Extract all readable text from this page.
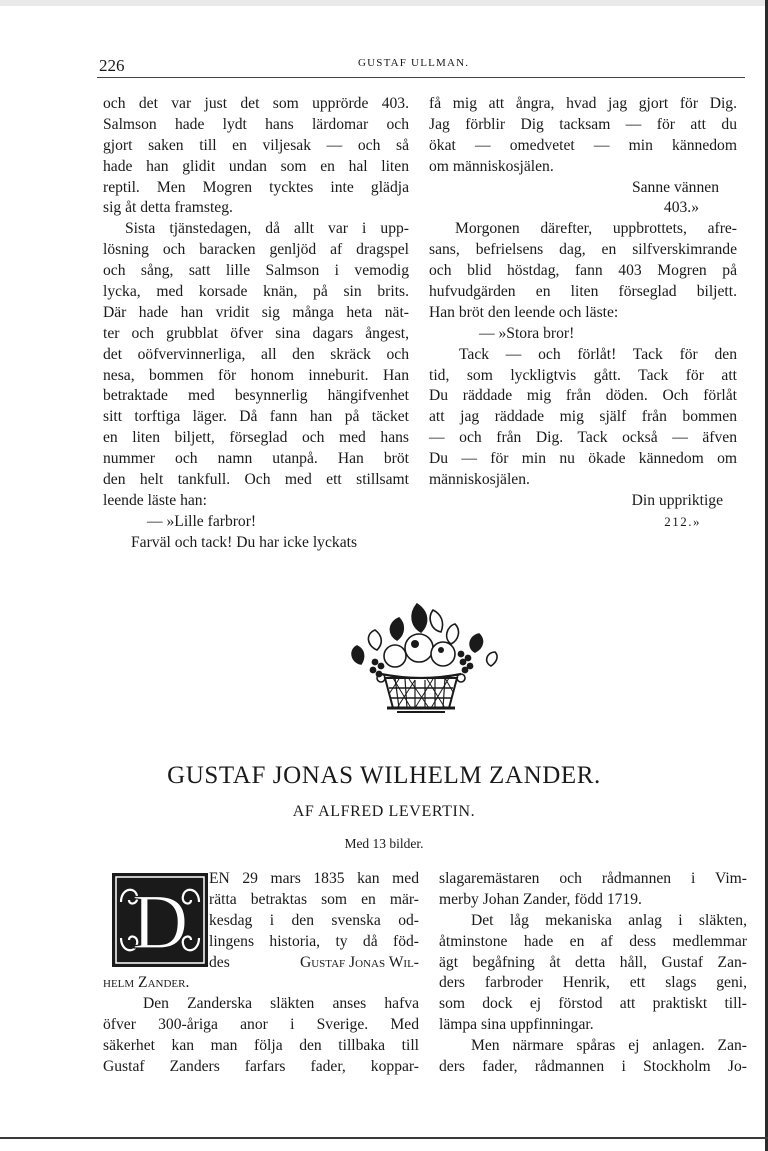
226	GUSTAF ULLMAN.
och det var just det som upprörde 403.
Salmson hade lydt hans lärdomar och
gjort saken till en viljesak — och så
hade han glidit undan som en hal liten
reptil. Men Mogren tycktes inte glädja
sig åt detta framsteg.
Sista tjänstedagen, då allt var i upp-
lösning och baracken genljöd af dragspel
och sång, satt lille Salmson i vemodig
lycka, med korsade knän, på sin brits.
Där hade han vridit sig många heta nät-
ter och grubblat öfver sina dagars ångest,
det oöfvervinnerliga, all den skräck och
nesa, bommen för honom inneburit. Han
betraktade med besynnerlig hängifvenhet
sitt torftiga läger. Då fann han på täcket
en liten biljett, förseglad och med hans
nummer och namn utanpå. Han bröt
den helt tankfull. Och med ett stillsamt
leende läste han:
— »Lille farbror!
Farväl och tack! Du har icke lyckats
få mig att ångra, hvad jag gjort för Dig.
Jag förblir Dig tacksam — för att du
ökat — omedvetet — min kännedom
om människosjälen.
Sanne vännen
403.»
Morgonen därefter, uppbrottets, afre-
sans, befrielsens dag, en silfverskimrande
och blid höstdag, fann 403 Mogren på
hufvudgärden en liten förseglad biljett.
Han bröt den leende och läste:
— »Stora bror!
Tack — och förlåt! Tack för den
tid, som lyckligtvis gått. Tack för att
Du räddade mig från döden. Och förlåt
att jag räddade mig själf från bommen
— och från Dig. Tack också — äfven
Du — för min nu ökade kännedom om
människosjälen.
Din uppriktige
212.»
GUSTAF JONAS WILHELM ZANDER.
AF ALFRED LEVERTIN.
Med 13 bilder.
D	EN 29 mars 1835 kan med
rätta betraktas som en mär-
kesdag i den svenska od-
lingens historia, ty då föd-
des	Gustaf Jonas Wil-
helm Zander.
Den Zanderska släkten anses hafva
öfver 300-åriga anor i Sverige. Med
säkerhet kan man följa den tillbaka till
Gustaf Zanders farfars fader, koppar-
slagaremästaren och rådmannen i Vim-
merby Johan Zander, född 1719.
Det låg mekaniska anlag i släkten,
åtminstone hade en af dess medlemmar
ägt begåfning åt detta håll, Gustaf Zan-
ders farbroder Henrik, ett slags geni,
som dock ej förstod att praktiskt till-
lämpa sina uppfinningar.
Men närmare spåras ej anlagen. Zan-
ders fader, rådmannen i Stockholm Jo-
